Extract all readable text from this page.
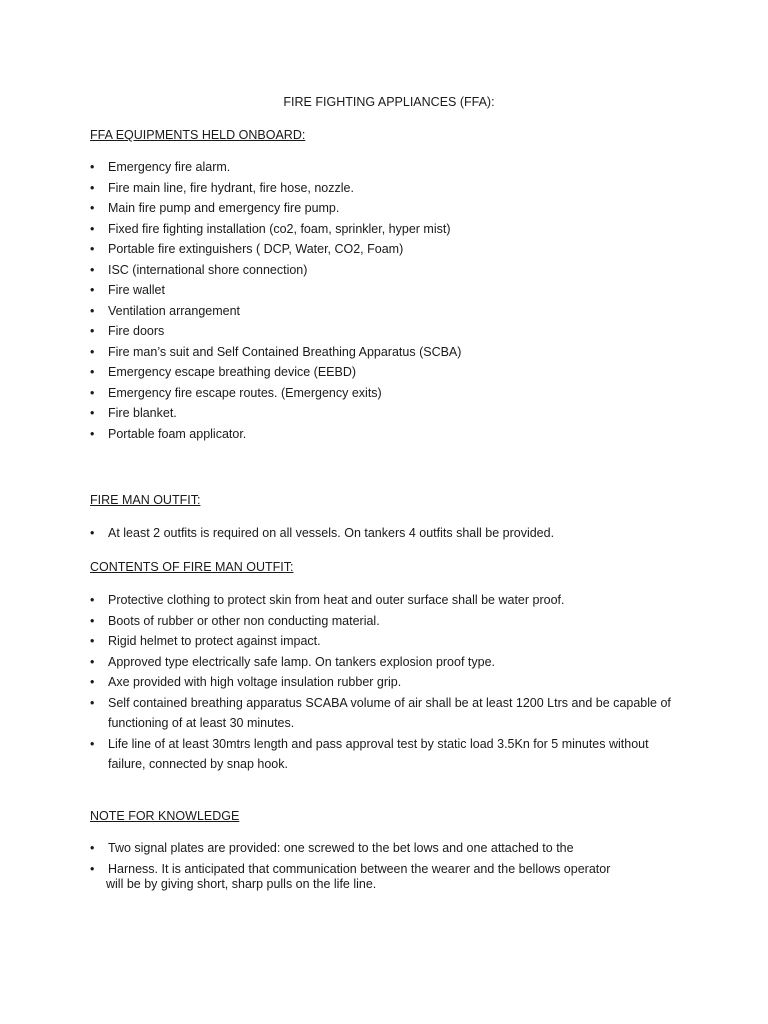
FIRE FIGHTING APPLIANCES (FFA):
FFA EQUIPMENTS HELD ONBOARD:
• Emergency fire alarm.
• Fire main line, fire hydrant, fire hose, nozzle.
• Main fire pump and emergency fire pump.
• Fixed fire fighting installation (co2, foam, sprinkler, hyper mist)
• Portable fire extinguishers ( DCP, Water, CO2, Foam)
• ISC (international shore connection)
• Fire wallet
• Ventilation arrangement
• Fire doors
• Fire man’s suit and Self Contained Breathing Apparatus (SCBA)
• Emergency escape breathing device (EEBD)
• Emergency fire escape routes. (Emergency exits)
• Fire blanket.
• Portable foam applicator.
FIRE MAN OUTFIT:
• At least 2 outfits is required on all vessels. On tankers 4 outfits shall be provided.
CONTENTS OF FIRE MAN OUTFIT:
• Protective clothing to protect skin from heat and outer surface shall be water proof.
• Boots of rubber or other non conducting material.
• Rigid helmet to protect against impact.
• Approved type electrically safe lamp. On tankers explosion proof type.
• Axe provided with high voltage insulation rubber grip.
• Self contained breathing apparatus SCABA volume of air shall be at least 1200 Ltrs and be capable of functioning of at least 30 minutes.
• Life line of at least 30mtrs length and pass approval test by static load 3.5Kn for 5 minutes without failure, connected by snap hook.
NOTE FOR KNOWLEDGE
• Two signal plates are provided: one screwed to the bet lows and one attached to the
• Harness. It is anticipated that communication between the wearer and the bellows operator
will be by giving short, sharp pulls on the life line.
